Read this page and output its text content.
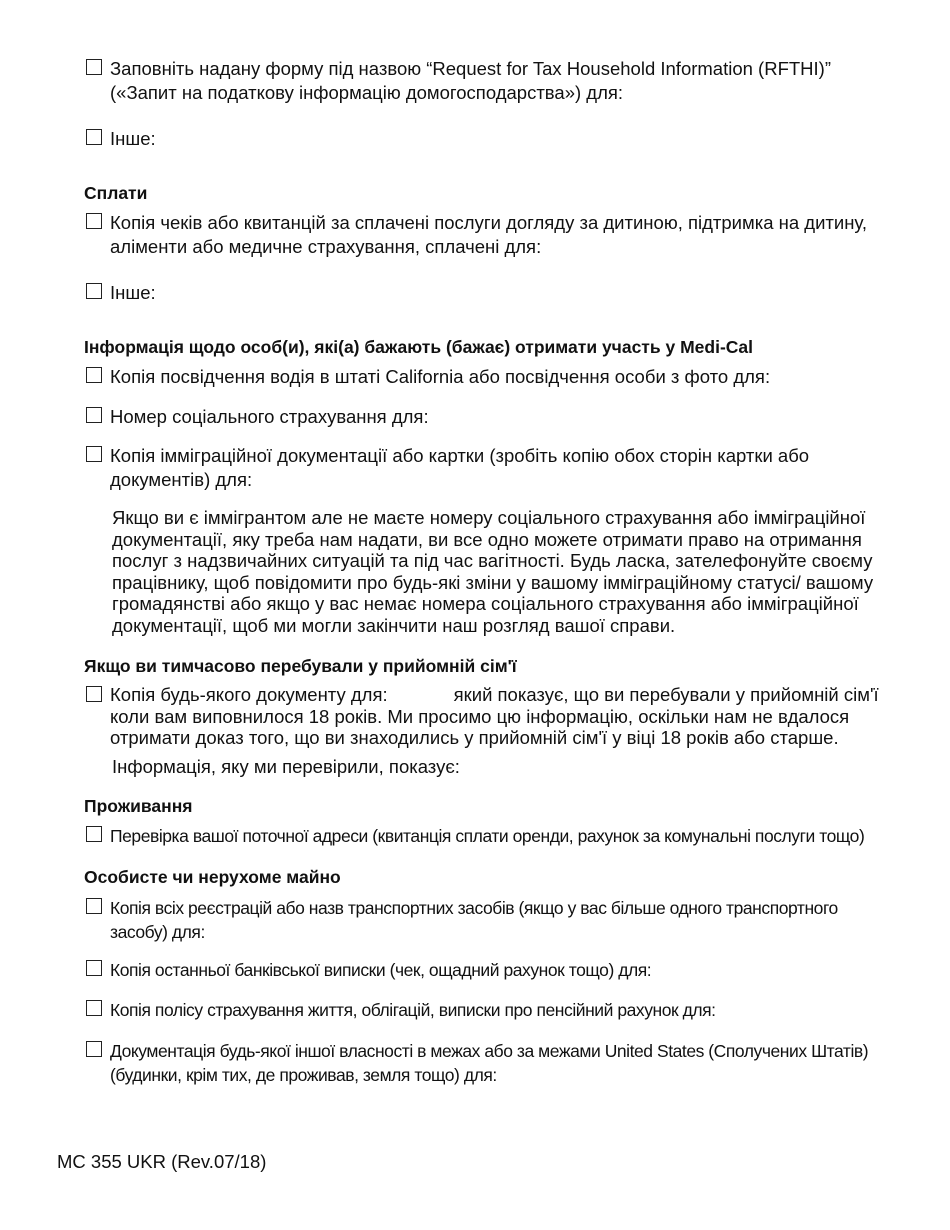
Заповніть надану форму під назвою “Request for Tax Household Information (RFTHI)” («Запит на податкову інформацію домогосподарства») для:
Інше:
Сплати
Копія чеків або квитанцій за сплачені послуги догляду за дитиною, підтримка на дитину, аліменти або медичне страхування, сплачені для:
Інше:
Інформація щодо особ(и), які(а) бажають (бажає) отримати участь у Medi-Cal
Копія посвідчення водія в штаті California або посвідчення особи з фото для:
Номер соціального страхування для:
Копія імміграційної документації або картки (зробіть копію обох сторін картки або документів) для:

Якщо ви є іммігрантом але не маєте номеру соціального страхування або імміграційної документації, яку треба нам надати, ви все одно можете отримати право на отримання послуг з надзвичайних ситуацій та під час вагітності. Будь ласка, зателефонуйте своєму працівнику, щоб повідомити про будь-які зміни у вашому імміграційному статусі/ вашому громадянстві або якщо у вас немає номера соціального страхування або імміграційної документації, щоб ми могли закінчити наш розгляд вашої справи.

Якщо ви тимчасово перебували у прийомній сім'ї
Копія будь-якого документу для:	який показує, що ви перебували у прийомній сім'ї коли вам виповнилося 18 років. Ми просимо цю інформацію, оскільки нам не вдалося отримати доказ того, що ви знаходились у прийомній сім'ї у віці 18 років або старше.

Інформація, яку ми перевірили, показує:

Проживання
Перевірка вашої поточної адреси (квитанція сплати оренди, рахунок за комунальні послуги тощо)
Особисте чи нерухоме майно
Копія всіх реєстрацій або назв транспортних засобів (якщо у вас більше одного транспортного засобу) для:
Копія останньої банківської виписки (чек, ощадний рахунок тощо) для:
Копія полісу страхування життя, облігацій, виписки про пенсійний рахунок для:
Документація будь-якої іншої власності в межах або за межами United States (Сполучених Штатів) (будинки, крім тих, де проживав, земля тощо) для:
MC 355 UKR (Rev.07/18)
